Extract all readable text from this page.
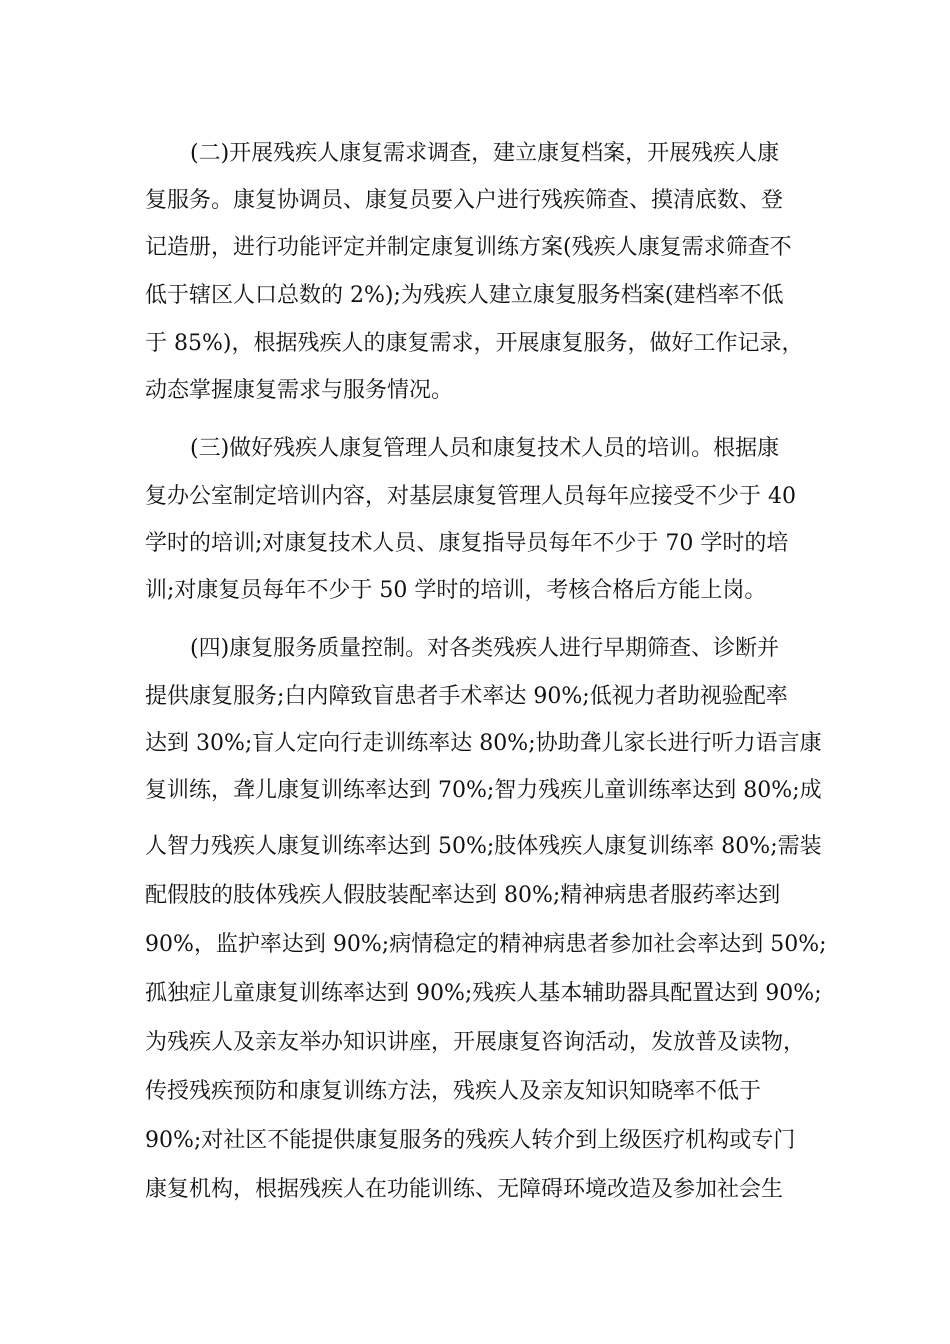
(二)开展残疾人康复需求调查，建立康复档案，开展残疾人康
复服务。康复协调员、康复员要入户进行残疾筛查、摸清底数、登
记造册，进行功能评定并制定康复训练方案(残疾人康复需求筛查不
低于辖区人口总数的 2%);为残疾人建立康复服务档案(建档率不低
于 85%)，根据残疾人的康复需求，开展康复服务，做好工作记录，
动态掌握康复需求与服务情况。
(三)做好残疾人康复管理人员和康复技术人员的培训。根据康
复办公室制定培训内容，对基层康复管理人员每年应接受不少于 40
学时的培训;对康复技术人员、康复指导员每年不少于 70 学时的培
训;对康复员每年不少于 50 学时的培训，考核合格后方能上岗。
(四)康复服务质量控制。对各类残疾人进行早期筛查、诊断并
提供康复服务;白内障致盲患者手术率达 90%;低视力者助视验配率
达到 30%;盲人定向行走训练率达 80%;协助聋儿家长进行听力语言康
复训练，聋儿康复训练率达到 70%;智力残疾儿童训练率达到 80%;成
人智力残疾人康复训练率达到 50%;肢体残疾人康复训练率 80%;需装
配假肢的肢体残疾人假肢装配率达到 80%;精神病患者服药率达到
90%，监护率达到 90%;病情稳定的精神病患者参加社会率达到 50%;
孤独症儿童康复训练率达到 90%;残疾人基本辅助器具配置达到 90%;
为残疾人及亲友举办知识讲座，开展康复咨询活动，发放普及读物，
传授残疾预防和康复训练方法，残疾人及亲友知识知晓率不低于
90%;对社区不能提供康复服务的残疾人转介到上级医疗机构或专门
康复机构，根据残疾人在功能训练、无障碍环境改造及参加社会生
